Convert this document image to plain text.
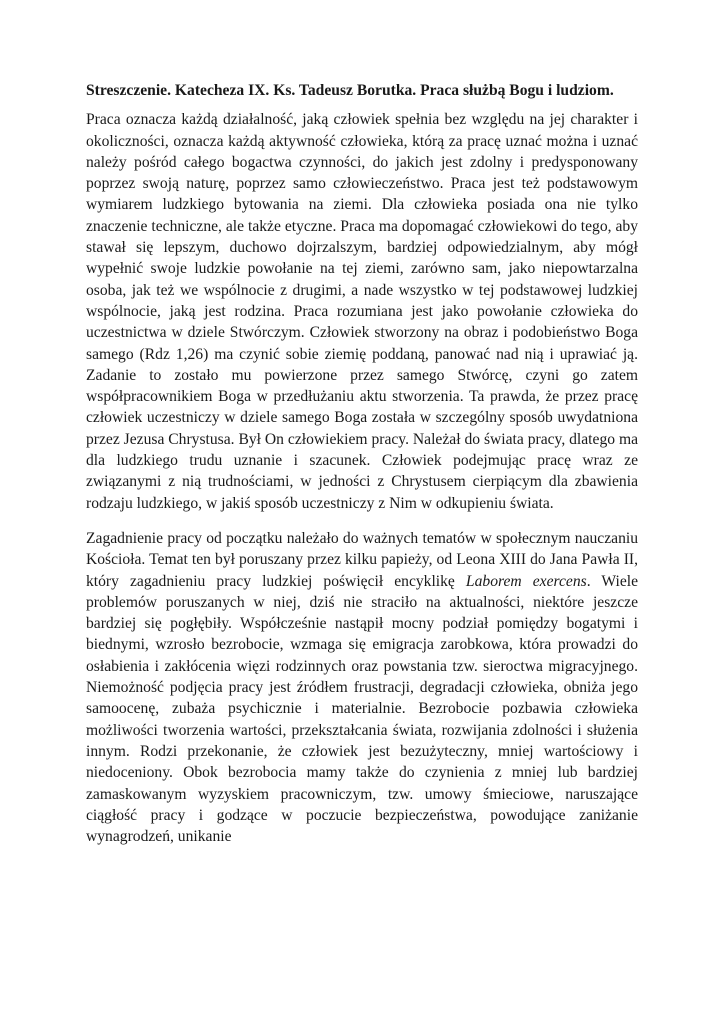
Streszczenie. Katecheza IX. Ks. Tadeusz Borutka. Praca służbą Bogu i ludziom.

Praca oznacza każdą działalność, jaką człowiek spełnia bez względu na jej charakter i okoliczności, oznacza każdą aktywność człowieka, którą za pracę uznać można i uznać należy pośród całego bogactwa czynności, do jakich jest zdolny i predysponowany poprzez swoją naturę, poprzez samo człowieczeństwo. Praca jest też podstawowym wymiarem ludzkiego bytowania na ziemi. Dla człowieka posiada ona nie tylko znaczenie techniczne, ale także etyczne. Praca ma dopomagać człowiekowi do tego, aby stawał się lepszym, duchowo dojrzalszym, bardziej odpowiedzialnym, aby mógł wypełnić swoje ludzkie powołanie na tej ziemi, zarówno sam, jako niepowtarzalna osoba, jak też we wspólnocie z drugimi, a nade wszystko w tej podstawowej ludzkiej wspólnocie, jaką jest rodzina. Praca rozumiana jest jako powołanie człowieka do uczestnictwa w dziele Stwórczym. Człowiek stworzony na obraz i podobieństwo Boga samego (Rdz 1,26) ma czynić sobie ziemię poddaną, panować nad nią i uprawiać ją. Zadanie to zostało mu powierzone przez samego Stwórcę, czyni go zatem współpracownikiem Boga w przedłużaniu aktu stworzenia. Ta prawda, że przez pracę człowiek uczestniczy w dziele samego Boga została w szczególny sposób uwydatniona przez Jezusa Chrystusa. Był On człowiekiem pracy. Należał do świata pracy, dlatego ma dla ludzkiego trudu uznanie i szacunek. Człowiek podejmując pracę wraz ze związanymi z nią trudnościami, w jedności z Chrystusem cierpiącym dla zbawienia rodzaju ludzkiego, w jakiś sposób uczestniczy z Nim w odkupieniu świata.

Zagadnienie pracy od początku należało do ważnych tematów w społecznym nauczaniu Kościoła. Temat ten był poruszany przez kilku papieży, od Leona XIII do Jana Pawła II, który zagadnieniu pracy ludzkiej poświęcił encyklikę Laborem exercens. Wiele problemów poruszanych w niej, dziś nie straciło na aktualności, niektóre jeszcze bardziej się pogłębiły. Współcześnie nastąpił mocny podział pomiędzy bogatymi i biednymi, wzrosło bezrobocie, wzmaga się emigracja zarobkowa, która prowadzi do osłabienia i zakłócenia więzi rodzinnych oraz powstania tzw. sieroctwa migracyjnego. Niemożność podjęcia pracy jest źródłem frustracji, degradacji człowieka, obniża jego samoocenę, zubaża psychicznie i materialnie. Bezrobocie pozbawia człowieka możliwości tworzenia wartości, przekształcania świata, rozwijania zdolności i służenia innym. Rodzi przekonanie, że człowiek jest bezużyteczny, mniej wartościowy i niedoceniony. Obok bezrobocia mamy także do czynienia z mniej lub bardziej zamaskowanym wyzyskiem pracowniczym, tzw. umowy śmieciowe, naruszające ciągłość pracy i godzące w poczucie bezpieczeństwa, powodujące zaniżanie wynagrodzeń, unikanie
